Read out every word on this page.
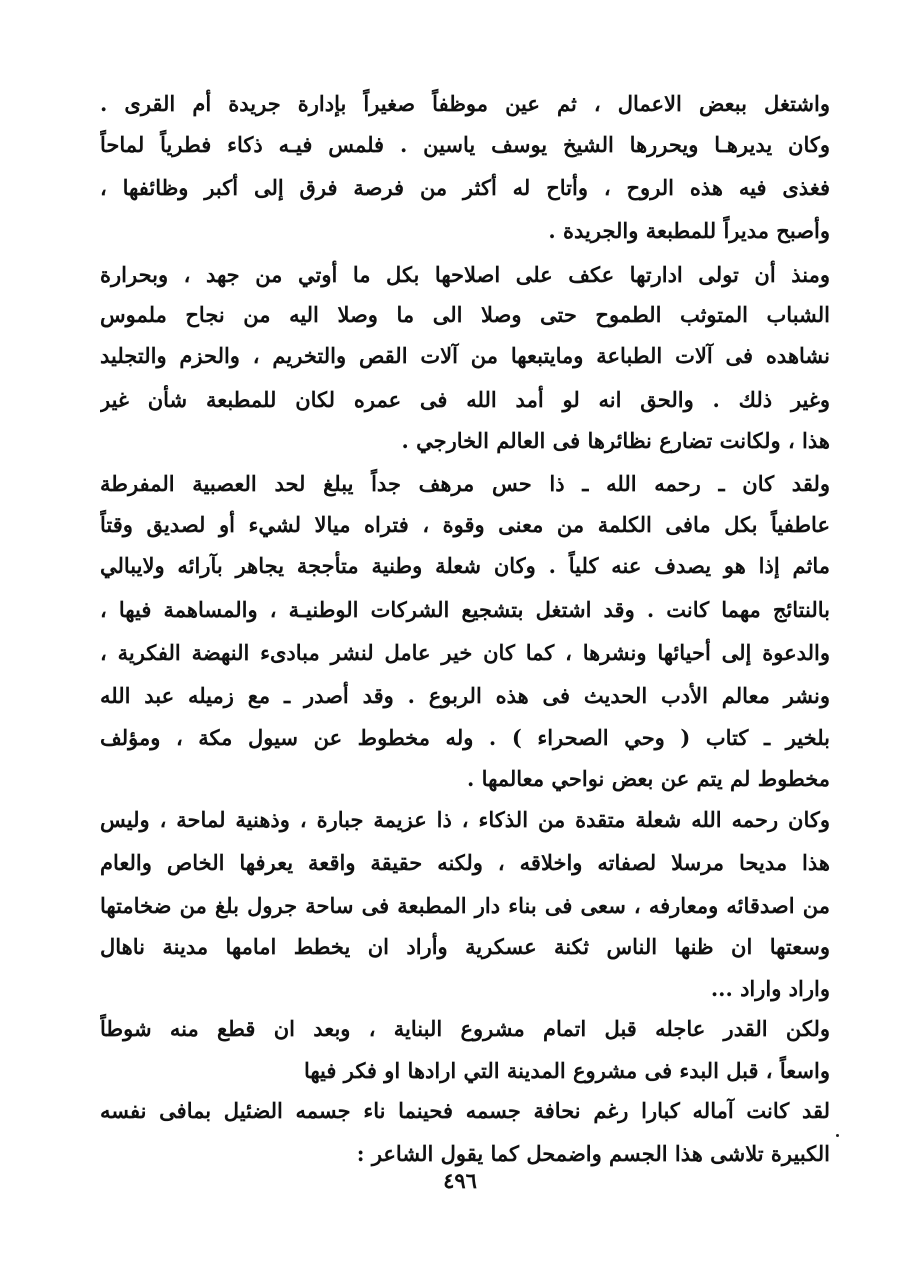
واشتغل ببعض الاعمال ، ثم عين موظفاً صغيراً بإدارة جريدة أم القرى .
وكان يديرهـا ويحررها الشيخ يوسف ياسين . فلمس فيـه ذكاء فطرياً لماحاً
فغذى فيه هذه الروح ، وأتاح له أكثر من فرصة فرق إلى أكبر وظائفها ،
وأصبح مديراً للمطبعة والجريدة .
ومنذ أن تولى ادارتها عكف على اصلاحها بكل ما أوتي من جهد ، وبحرارة
الشباب المتوثب الطموح حتى وصلا الى ما وصلا اليه من نجاح ملموس
نشاهده فى آلات الطباعة ومايتبعها من آلات القص والتخريم ، والحزم والتجليد
وغير ذلك . والحق انه لو أمد الله فى عمره لكان للمطبعة شأن غير
هذا ، ولكانت تضارع نظائرها فى العالم الخارجي .
ولقد كان ـ رحمه الله ـ ذا حس مرهف جداً يبلغ لحد العصبية المفرطة
عاطفياً بكل مافى الكلمة من معنى وقوة ، فتراه ميالا لشيء أو لصديق وقتاً
ماثم إذا هو يصدف عنه كلياً . وكان شعلة وطنية متأججة يجاهر بآرائه ولايبالي
بالنتائج مهما كانت . وقد اشتغل بتشجيع الشركات الوطنيـة ، والمساهمة فيها ،
والدعوة إلى أحيائها ونشرها ، كما كان خير عامل لنشر مبادىء النهضة الفكرية ،
ونشر معالم الأدب الحديث فى هذه الربوع . وقد أصدر ـ مع زميله عبد الله
بلخير ـ كتاب ( وحي الصحراء ) . وله مخطوط عن سيول مكة ، ومؤلف
مخطوط لم يتم عن بعض نواحي معالمها .
وكان رحمه الله شعلة متقدة من الذكاء ، ذا عزيمة جبارة ، وذهنية لماحة ، وليس
هذا مديحا مرسلا لصفاته واخلاقه ، ولكنه حقيقة واقعة يعرفها الخاص والعام
من اصدقائه ومعارفه ، سعى فى بناء دار المطبعة فى ساحة جرول بلغ من ضخامتها
وسعتها ان ظنها الناس ثكنة عسكرية وأراد ان يخطط امامها مدينة ناهال
واراد واراد ...
ولكن القدر عاجله قبل اتمام مشروع البناية ، وبعد ان قطع منه شوطاً
واسعاً ، قبل البدء فى مشروع المدينة التي ارادها او فكر فيها
لقد كانت آماله كبارا رغم نحافة جسمه فحينما ناء جسمه الضئيل بمافى نفسه
الكبيرة تلاشى هذا الجسم واضمحل كما يقول الشاعر :
٤٩٦
